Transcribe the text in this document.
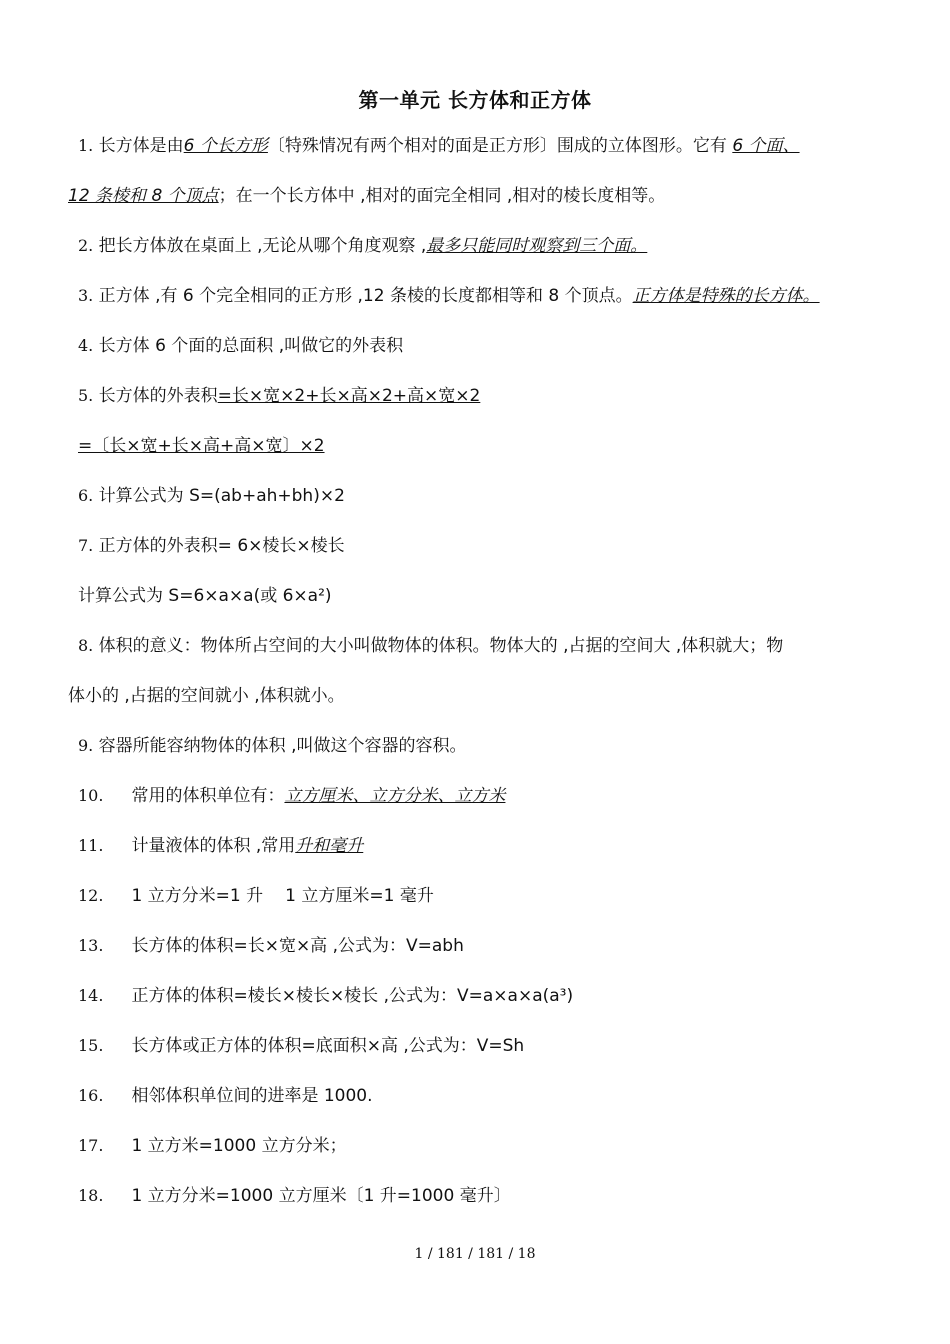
第一单元 长方体和正方体
1. 长方体是由6 个长方形〔特殊情况有两个相对的面是正方形〕围成的立体图形。它有 6 个面、
12 条棱和 8 个顶点；在一个长方体中 ,相对的面完全相同 ,相对的棱长度相等。
2. 把长方体放在桌面上 ,无论从哪个角度观察 ,最多只能同时观察到三个面。
3. 正方体 ,有 6 个完全相同的正方形 ,12 条棱的长度都相等和 8 个顶点。正方体是特殊的长方体。
4. 长方体 6 个面的总面积 ,叫做它的外表积
5. 长方体的外表积=长×宽×2+长×高×2+高×宽×2
=〔长×宽+长×高+高×宽〕×2
6. 计算公式为 S=(ab+ah+bh)×2
7. 正方体的外表积= 6×棱长×棱长
计算公式为 S=6×a×a(或 6×a²)
8. 体积的意义：物体所占空间的大小叫做物体的体积。物体大的 ,占据的空间大 ,体积就大；物
体小的 ,占据的空间就小 ,体积就小。
9. 容器所能容纳物体的体积 ,叫做这个容器的容积。
10. 常用的体积单位有：立方厘米、立方分米、立方米
11. 计量液体的体积 ,常用升和毫升
12. 1 立方分米=1 升 1 立方厘米=1 毫升
13. 长方体的体积=长×宽×高 ,公式为：V=abh
14. 正方体的体积=棱长×棱长×棱长 ,公式为：V=a×a×a(a³)
15. 长方体或正方体的体积=底面积×高 ,公式为：V=Sh
16. 相邻体积单位间的进率是 1000.
17. 1 立方米=1000 立方分米；
18. 1 立方分米=1000 立方厘米〔1 升=1000 毫升〕
1 / 181 / 181 / 18
